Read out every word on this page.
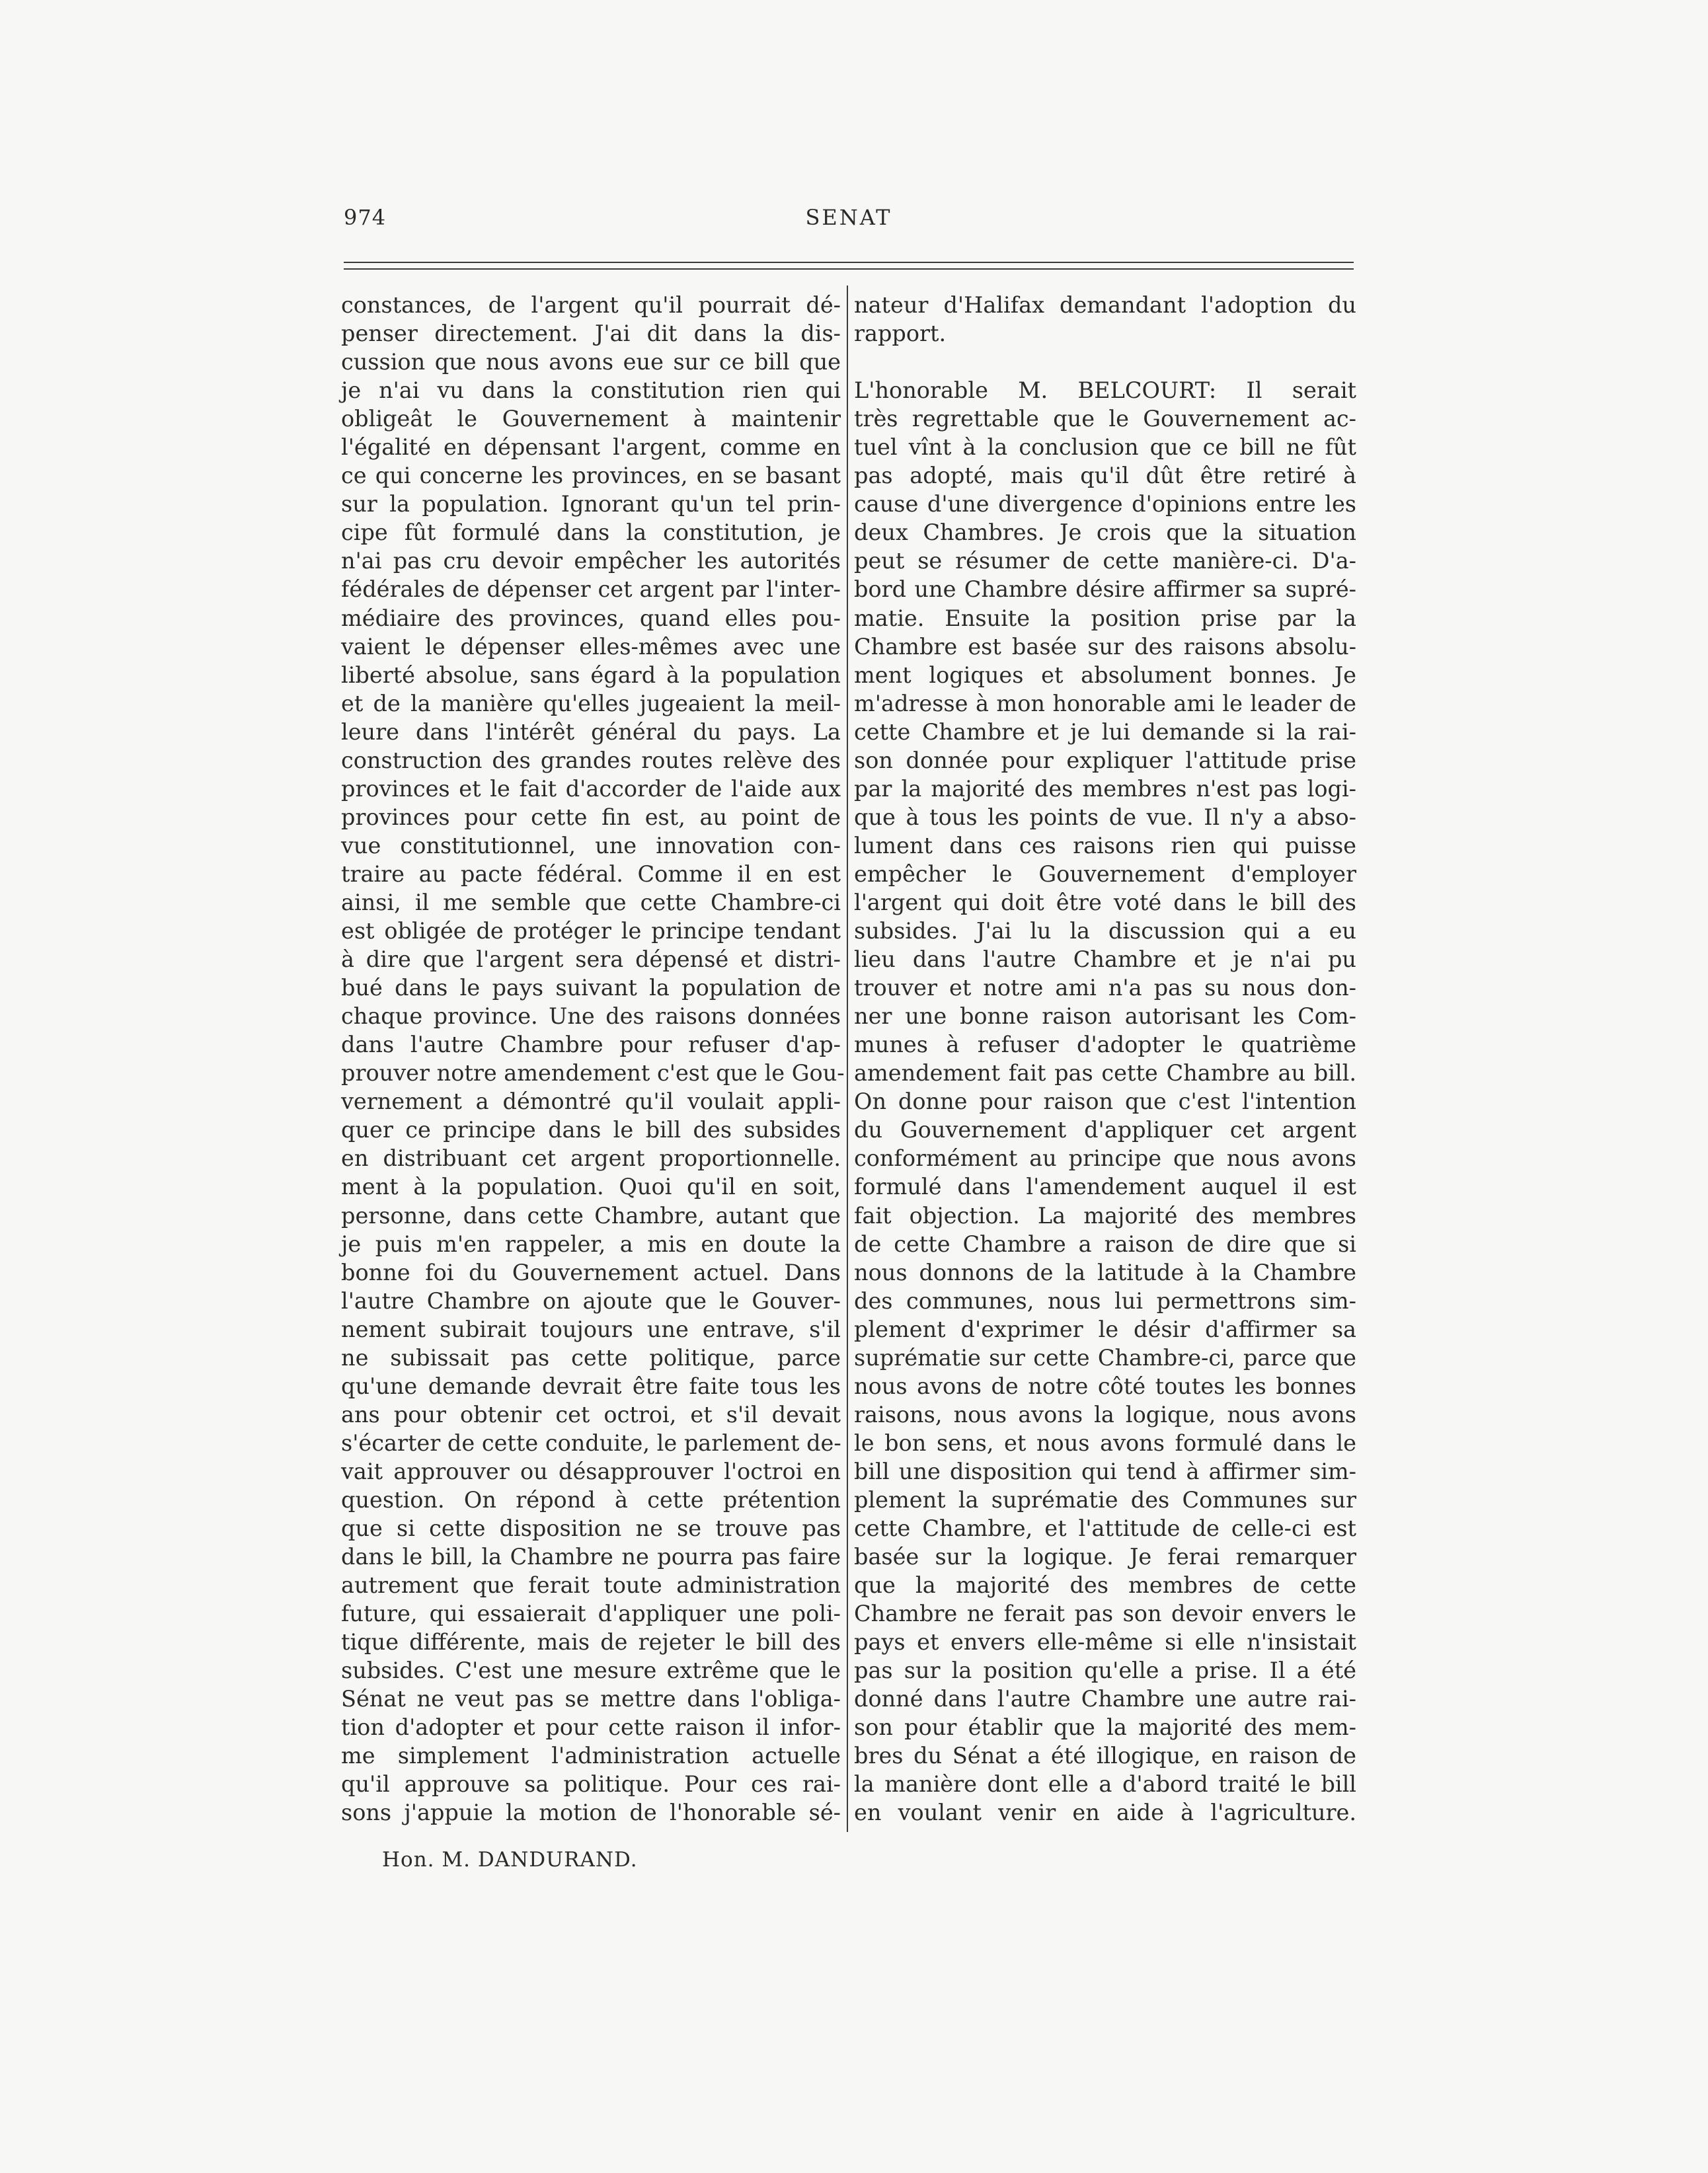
974	SENAT
constances, de l'argent qu'il pourrait dé-
penser directement. J'ai dit dans la dis-
cussion que nous avons eue sur ce bill que
je n'ai vu dans la constitution rien qui
obligeât le Gouvernement à maintenir
l'égalité en dépensant l'argent, comme en
ce qui concerne les provinces, en se basant
sur la population. Ignorant qu'un tel prin-
cipe fût formulé dans la constitution, je
n'ai pas cru devoir empêcher les autorités
fédérales de dépenser cet argent par l'inter-
médiaire des provinces, quand elles pou-
vaient le dépenser elles-mêmes avec une
liberté absolue, sans égard à la population
et de la manière qu'elles jugeaient la meil-
leure dans l'intérêt général du pays. La
construction des grandes routes relève des
provinces et le fait d'accorder de l'aide aux
provinces pour cette fin est, au point de
vue constitutionnel, une innovation con-
traire au pacte fédéral. Comme il en est
ainsi, il me semble que cette Chambre-ci
est obligée de protéger le principe tendant
à dire que l'argent sera dépensé et distri-
bué dans le pays suivant la population de
chaque province. Une des raisons données
dans l'autre Chambre pour refuser d'ap-
prouver notre amendement c'est que le Gou-
vernement a démontré qu'il voulait appli-
quer ce principe dans le bill des subsides
en distribuant cet argent proportionnelle.
ment à la population. Quoi qu'il en soit,
personne, dans cette Chambre, autant que
je puis m'en rappeler, a mis en doute la
bonne foi du Gouvernement actuel. Dans
l'autre Chambre on ajoute que le Gouver-
nement subirait toujours une entrave, s'il
ne subissait pas cette politique, parce
qu'une demande devrait être faite tous les
ans pour obtenir cet octroi, et s'il devait
s'écarter de cette conduite, le parlement de-
vait approuver ou désapprouver l'octroi en
question. On répond à cette prétention
que si cette disposition ne se trouve pas
dans le bill, la Chambre ne pourra pas faire
autrement que ferait toute administration
future, qui essaierait d'appliquer une poli-
tique différente, mais de rejeter le bill des
subsides. C'est une mesure extrême que le
Sénat ne veut pas se mettre dans l'obliga-
tion d'adopter et pour cette raison il infor-
me simplement l'administration actuelle
qu'il approuve sa politique. Pour ces rai-
sons j'appuie la motion de l'honorable sé-
nateur d'Halifax demandant l'adoption du
rapport.
L'honorable M. BELCOURT: Il serait
très regrettable que le Gouvernement ac-
tuel vînt à la conclusion que ce bill ne fût
pas adopté, mais qu'il dût être retiré à
cause d'une divergence d'opinions entre les
deux Chambres. Je crois que la situation
peut se résumer de cette manière-ci. D'a-
bord une Chambre désire affirmer sa supré-
matie. Ensuite la position prise par la
Chambre est basée sur des raisons absolu-
ment logiques et absolument bonnes. Je
m'adresse à mon honorable ami le leader de
cette Chambre et je lui demande si la rai-
son donnée pour expliquer l'attitude prise
par la majorité des membres n'est pas logi-
que à tous les points de vue. Il n'y a abso-
lument dans ces raisons rien qui puisse
empêcher le Gouvernement d'employer
l'argent qui doit être voté dans le bill des
subsides. J'ai lu la discussion qui a eu
lieu dans l'autre Chambre et je n'ai pu
trouver et notre ami n'a pas su nous don-
ner une bonne raison autorisant les Com-
munes à refuser d'adopter le quatrième
amendement fait pas cette Chambre au bill.
On donne pour raison que c'est l'intention
du Gouvernement d'appliquer cet argent
conformément au principe que nous avons
formulé dans l'amendement auquel il est
fait objection. La majorité des membres
de cette Chambre a raison de dire que si
nous donnons de la latitude à la Chambre
des communes, nous lui permettrons sim-
plement d'exprimer le désir d'affirmer sa
suprématie sur cette Chambre-ci, parce que
nous avons de notre côté toutes les bonnes
raisons, nous avons la logique, nous avons
le bon sens, et nous avons formulé dans le
bill une disposition qui tend à affirmer sim-
plement la suprématie des Communes sur
cette Chambre, et l'attitude de celle-ci est
basée sur la logique. Je ferai remarquer
que la majorité des membres de cette
Chambre ne ferait pas son devoir envers le
pays et envers elle-même si elle n'insistait
pas sur la position qu'elle a prise. Il a été
donné dans l'autre Chambre une autre rai-
son pour établir que la majorité des mem-
bres du Sénat a été illogique, en raison de
la manière dont elle a d'abord traité le bill
en voulant venir en aide à l'agriculture.
Hon. M. DANDURAND.
